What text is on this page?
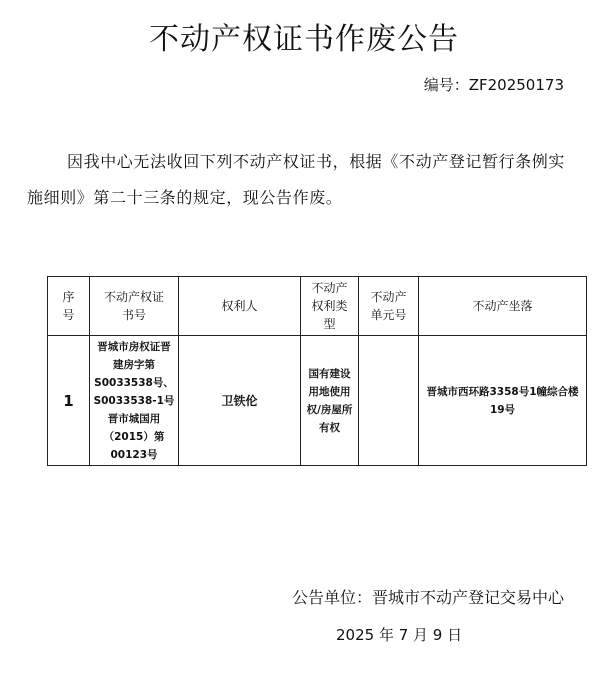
不动产权证书作废公告
编号：ZF20250173
因我中心无法收回下列不动产权证书，根据《不动产登记暂行条例实施细则》第二十三条的规定，现公告作废。
序号	不动产权证书号	权利人	不动产权利类型	不动产单元号	不动产坐落

1	晋城市房权证晋建房字第S0033538号、S0033538-1号晋市城国用（2015）第00123号	卫铁伦	国有建设用地使用权/房屋所有权		晋城市西环路3358号1幢综合楼19号
公告单位：晋城市不动产登记交易中心
2025 年 7 月 9 日
